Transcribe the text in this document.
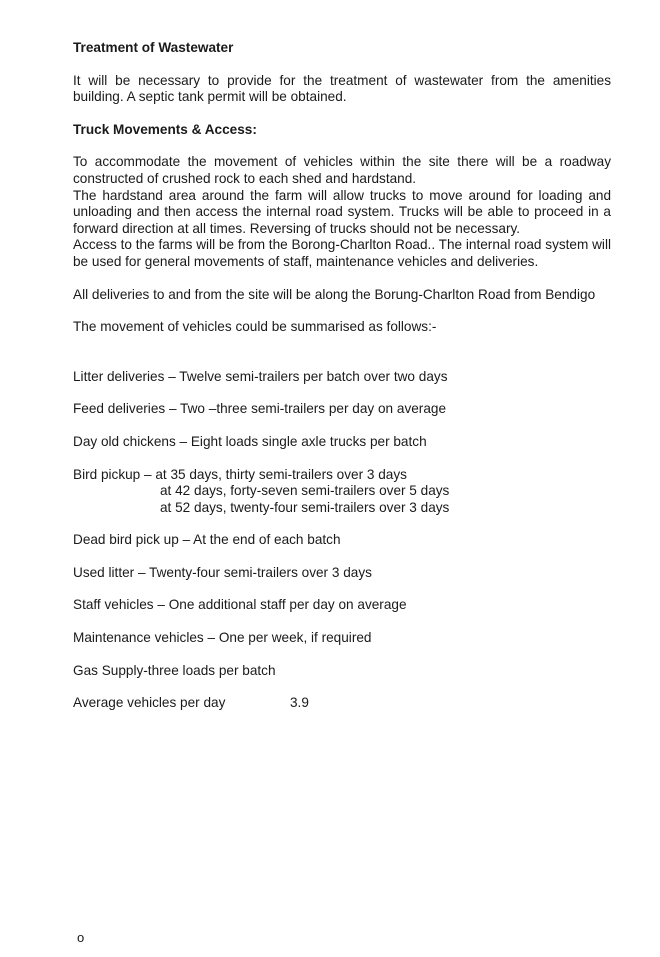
Treatment of Wastewater

It will be necessary to provide for the treatment of wastewater from the amenities building. A septic tank permit will be obtained.

Truck Movements & Access:

To accommodate the movement of vehicles within the site there will be a roadway constructed of crushed rock to each shed and hardstand.

The hardstand area around the farm will allow trucks to move around for loading and unloading and then access the internal road system. Trucks will be able to proceed in a forward direction at all times. Reversing of trucks should not be necessary.

Access to the farms will be from the Borong-Charlton Road.. The internal road system will be used for general movements of staff, maintenance vehicles and deliveries.

All deliveries to and from the site will be along the Borung-Charlton Road from Bendigo

The movement of vehicles could be summarised as follows:-

Litter deliveries – Twelve semi-trailers per batch over two days

Feed deliveries – Two –three semi-trailers per day on average

Day old chickens – Eight loads single axle trucks per batch

Bird pickup – at 35 days, thirty semi-trailers over 3 days

at 42 days, forty-seven semi-trailers over 5 days

at 52 days, twenty-four semi-trailers over 3 days

Dead bird pick up – At the end of each batch

Used litter – Twenty-four semi-trailers over 3 days

Staff vehicles – One additional staff per day on average

Maintenance vehicles – One per week, if required

Gas Supply-three loads per batch

Average vehicles per day	3.9
o
